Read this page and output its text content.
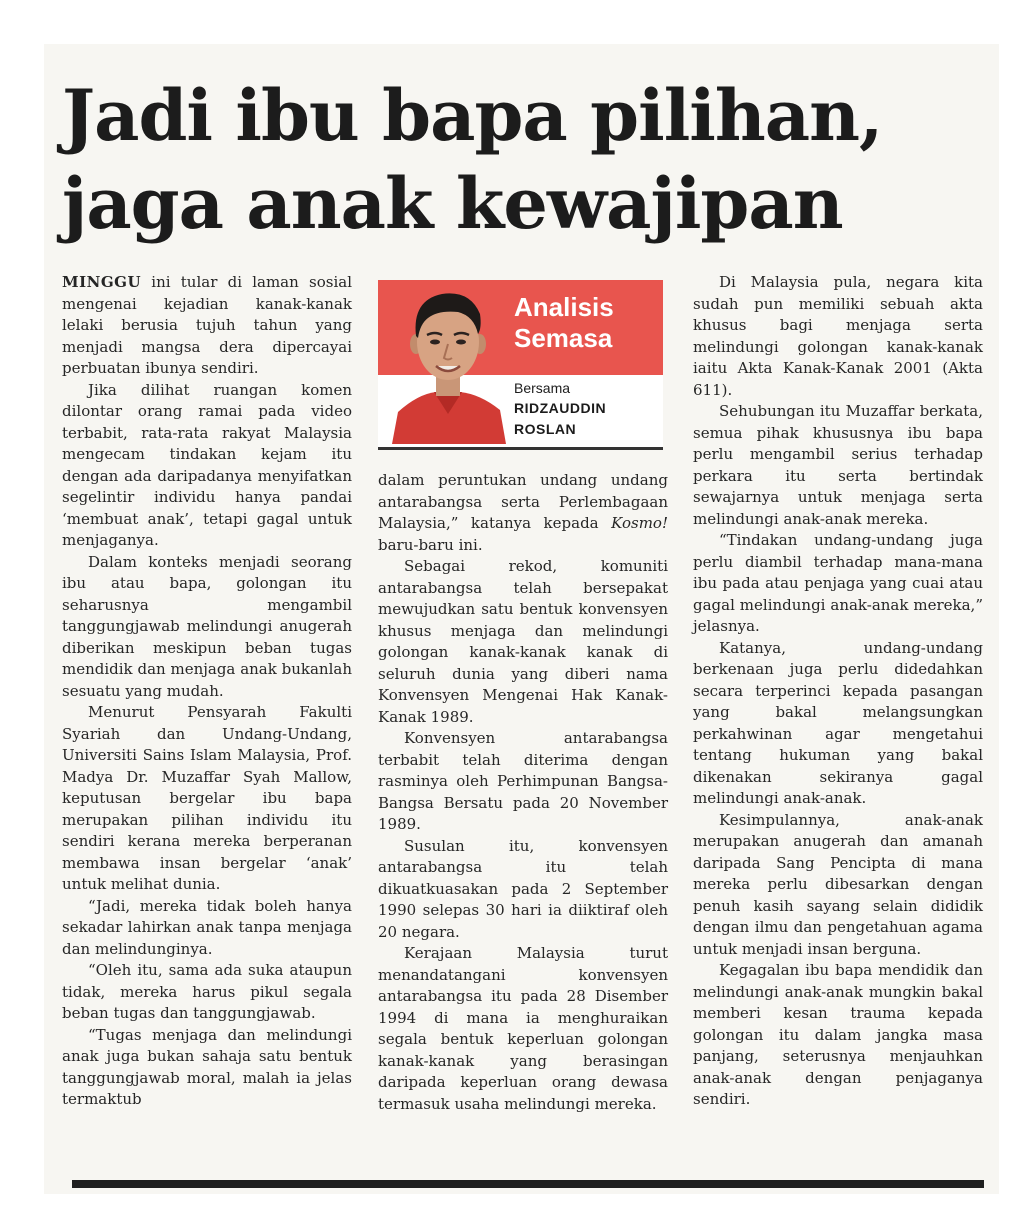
Jadi ibu bapa pilihan,
jaga anak kewajipan

MINGGU ini tular di laman sosial mengenai kejadian kanak-kanak lelaki berusia tujuh tahun yang menjadi mangsa dera dipercayai perbuatan ibunya sendiri.

Jika dilihat ruangan komen dilontar orang ramai pada video terbabit, rata-rata rakyat Malaysia mengecam tindakan kejam itu dengan ada daripadanya menyifatkan segelintir individu hanya pandai ‘membuat anak’, tetapi gagal untuk menjaganya.

Dalam konteks menjadi seorang ibu atau bapa, golongan itu seharusnya mengambil tanggungjawab melindungi anugerah diberikan meskipun beban tugas mendidik dan menjaga anak bukanlah sesuatu yang mudah.

Menurut Pensyarah Fakulti Syariah dan Undang-Undang, Universiti Sains Islam Malaysia, Prof. Madya Dr. Muzaffar Syah Mallow, keputusan bergelar ibu bapa merupakan pilihan individu itu sendiri kerana mereka berperanan membawa insan bergelar ‘anak’ untuk melihat dunia.

“Jadi, mereka tidak boleh hanya sekadar lahirkan anak tanpa menjaga dan melindunginya.

“Oleh itu, sama ada suka ataupun tidak, mereka harus pikul segala beban tugas dan tanggungjawab.

“Tugas menjaga dan melindungi anak juga bukan sahaja satu bentuk tanggungjawab moral, malah ia jelas termaktub

Analisis
Semasa
Bersama
RIDZAUDDIN
ROSLAN

dalam peruntukan undang undang antarabangsa serta Perlembagaan Malaysia,” katanya kepada Kosmo! baru-baru ini.

Sebagai rekod, komuniti antarabangsa telah bersepakat mewujudkan satu bentuk konvensyen khusus menjaga dan melindungi golongan kanak-kanak kanak di seluruh dunia yang diberi nama Konvensyen Mengenai Hak Kanak-Kanak 1989.

Konvensyen antarabangsa terbabit telah diterima dengan rasminya oleh Perhimpunan Bangsa-Bangsa Bersatu pada 20 November 1989.

Susulan itu, konvensyen antarabangsa itu telah dikuatkuasakan pada 2 September 1990 selepas 30 hari ia diiktiraf oleh 20 negara.

Kerajaan Malaysia turut menandatangani konvensyen antarabangsa itu pada 28 Disember 1994 di mana ia menghuraikan segala bentuk keperluan golongan kanak-kanak yang berasingan daripada keperluan orang dewasa termasuk usaha melindungi mereka.

Di Malaysia pula, negara kita sudah pun memiliki sebuah akta khusus bagi menjaga serta melindungi golongan kanak-kanak iaitu Akta Kanak-Kanak 2001 (Akta 611).

Sehubungan itu Muzaffar berkata, semua pihak khususnya ibu bapa perlu mengambil serius terhadap perkara itu serta bertindak sewajarnya untuk menjaga serta melindungi anak-anak mereka.

“Tindakan undang-undang juga perlu diambil terhadap mana-mana ibu pada atau penjaga yang cuai atau gagal melindungi anak-anak mereka,” jelasnya.

Katanya, undang-undang berkenaan juga perlu didedahkan secara terperinci kepada pasangan yang bakal melangsungkan perkahwinan agar mengetahui tentang hukuman yang bakal dikenakan sekiranya gagal melindungi anak-anak.

Kesimpulannya, anak-anak merupakan anugerah dan amanah daripada Sang Pencipta di mana mereka perlu dibesarkan dengan penuh kasih sayang selain dididik dengan ilmu dan pengetahuan agama untuk menjadi insan berguna.

Kegagalan ibu bapa mendidik dan melindungi anak-anak mungkin bakal memberi kesan trauma kepada golongan itu dalam jangka masa panjang, seterusnya menjauhkan anak-anak dengan penjaganya sendiri.
